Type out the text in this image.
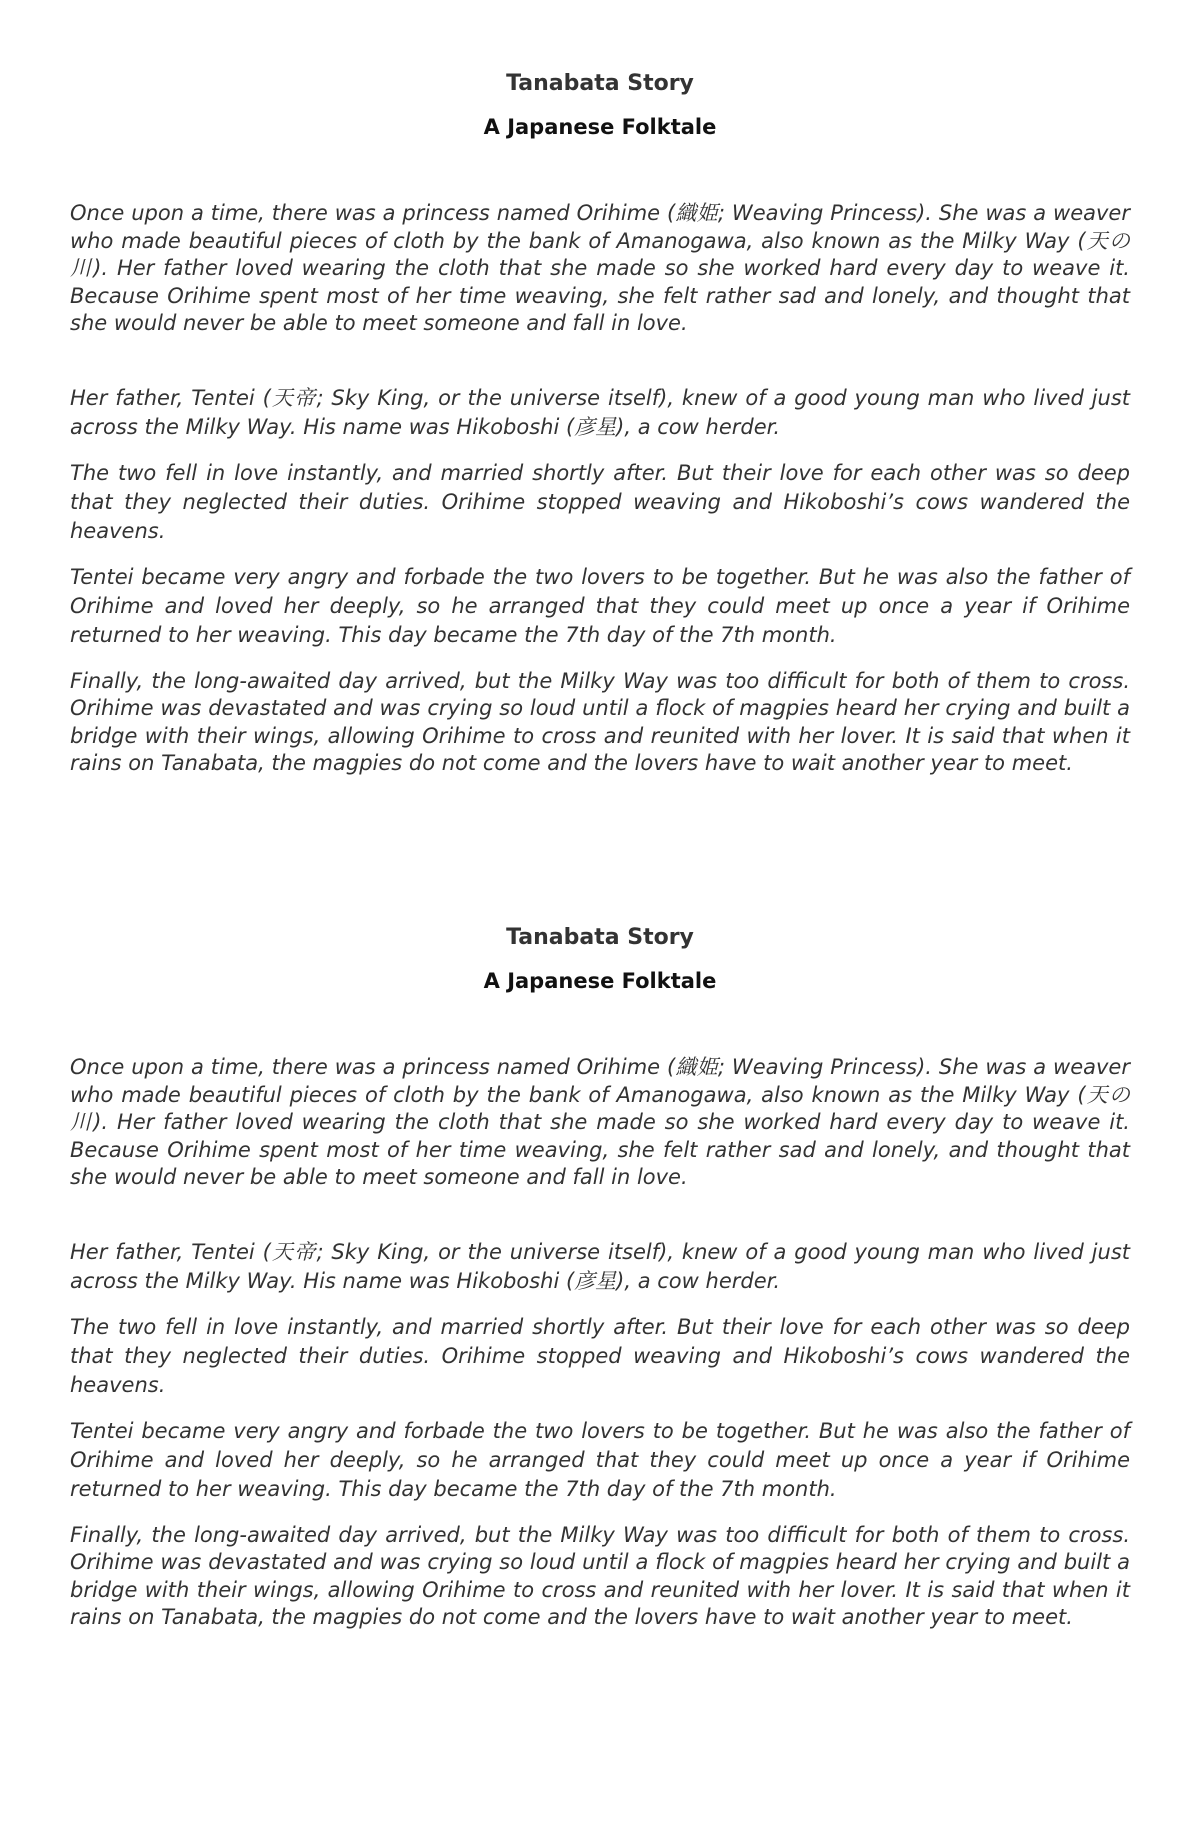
Tanabata Story
A Japanese Folktale

Once upon a time, there was a princess named Orihime (織姫; Weaving Princess). She was a weaver who made beautiful pieces of cloth by the bank of Amanogawa, also known as the Milky Way (天の川). Her father loved wearing the cloth that she made so she worked hard every day to weave it. Because Orihime spent most of her time weaving, she felt rather sad and lonely, and thought that she would never be able to meet someone and fall in love.

Her father, Tentei (天帝; Sky King, or the universe itself), knew of a good young man who lived just across the Milky Way. His name was Hikoboshi (彦星), a cow herder.

The two fell in love instantly, and married shortly after. But their love for each other was so deep that they neglected their duties. Orihime stopped weaving and Hikoboshi’s cows wandered the heavens.

Tentei became very angry and forbade the two lovers to be together. But he was also the father of Orihime and loved her deeply, so he arranged that they could meet up once a year if Orihime returned to her weaving. This day became the 7th day of the 7th month.

Finally, the long-awaited day arrived, but the Milky Way was too difficult for both of them to cross. Orihime was devastated and was crying so loud until a flock of magpies heard her crying and built a bridge with their wings, allowing Orihime to cross and reunited with her lover. It is said that when it rains on Tanabata, the magpies do not come and the lovers have to wait another year to meet.

Tanabata Story
A Japanese Folktale

Once upon a time, there was a princess named Orihime (織姫; Weaving Princess). She was a weaver who made beautiful pieces of cloth by the bank of Amanogawa, also known as the Milky Way (天の川). Her father loved wearing the cloth that she made so she worked hard every day to weave it. Because Orihime spent most of her time weaving, she felt rather sad and lonely, and thought that she would never be able to meet someone and fall in love.

Her father, Tentei (天帝; Sky King, or the universe itself), knew of a good young man who lived just across the Milky Way. His name was Hikoboshi (彦星), a cow herder.

The two fell in love instantly, and married shortly after. But their love for each other was so deep that they neglected their duties. Orihime stopped weaving and Hikoboshi’s cows wandered the heavens.

Tentei became very angry and forbade the two lovers to be together. But he was also the father of Orihime and loved her deeply, so he arranged that they could meet up once a year if Orihime returned to her weaving. This day became the 7th day of the 7th month.

Finally, the long-awaited day arrived, but the Milky Way was too difficult for both of them to cross. Orihime was devastated and was crying so loud until a flock of magpies heard her crying and built a bridge with their wings, allowing Orihime to cross and reunited with her lover. It is said that when it rains on Tanabata, the magpies do not come and the lovers have to wait another year to meet.
